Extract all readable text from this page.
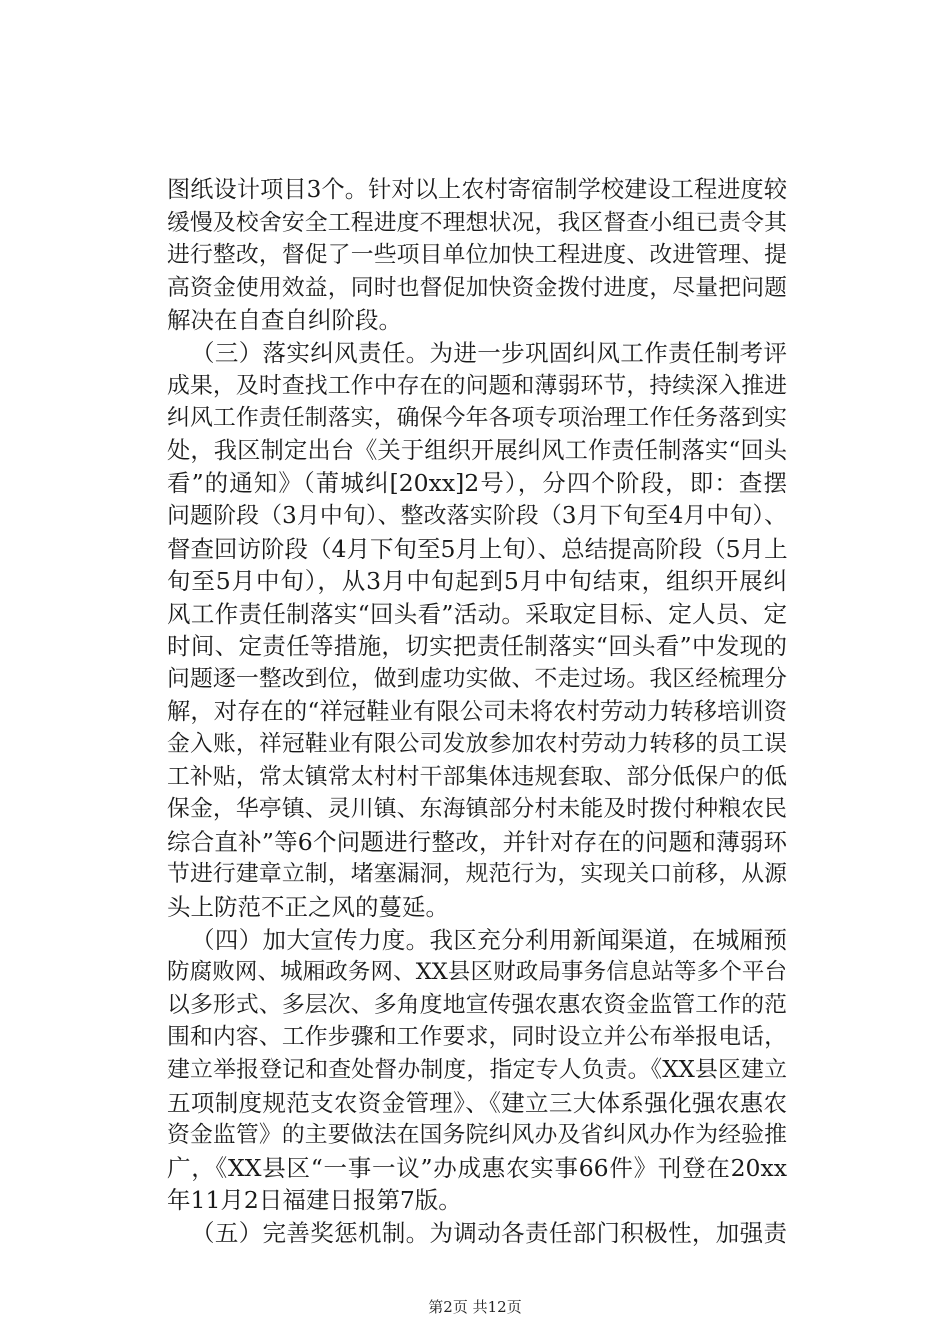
图纸设计项目3个。针对以上农村寄宿制学校建设工程进度较
缓慢及校舍安全工程进度不理想状况，我区督查小组已责令其
进行整改，督促了一些项目单位加快工程进度、改进管理、提
高资金使用效益，同时也督促加快资金拨付进度，尽量把问题
解决在自查自纠阶段。
（三）落实纠风责任。为进一步巩固纠风工作责任制考评
成果，及时查找工作中存在的问题和薄弱环节，持续深入推进
纠风工作责任制落实，确保今年各项专项治理工作任务落到实
处，我区制定出台《关于组织开展纠风工作责任制落实“回头
看”的通知》（莆城纠[20xx]2号），分四个阶段，即：查摆
问题阶段（3月中旬）、整改落实阶段（3月下旬至4月中旬）、
督查回访阶段（4月下旬至5月上旬）、总结提高阶段（5月上
旬至5月中旬），从3月中旬起到5月中旬结束，组织开展纠
风工作责任制落实“回头看”活动。采取定目标、定人员、定
时间、定责任等措施，切实把责任制落实“回头看”中发现的
问题逐一整改到位，做到虚功实做、不走过场。我区经梳理分
解，对存在的“祥冠鞋业有限公司未将农村劳动力转移培训资
金入账，祥冠鞋业有限公司发放参加农村劳动力转移的员工误
工补贴，常太镇常太村村干部集体违规套取、部分低保户的低
保金，华亭镇、灵川镇、东海镇部分村未能及时拨付种粮农民
综合直补”等6个问题进行整改，并针对存在的问题和薄弱环
节进行建章立制，堵塞漏洞，规范行为，实现关口前移，从源
头上防范不正之风的蔓延。
（四）加大宣传力度。我区充分利用新闻渠道，在城厢预
防腐败网、城厢政务网、XX县区财政局事务信息站等多个平台
以多形式、多层次、多角度地宣传强农惠农资金监管工作的范
围和内容、工作步骤和工作要求，同时设立并公布举报电话，
建立举报登记和查处督办制度，指定专人负责。《XX县区建立
五项制度规范支农资金管理》、《建立三大体系强化强农惠农
资金监管》的主要做法在国务院纠风办及省纠风办作为经验推
广，《XX县区“一事一议”办成惠农实事66件》刊登在20xx
年11月2日福建日报第7版。
（五）完善奖惩机制。为调动各责任部门积极性，加强责
第2页 共12页
